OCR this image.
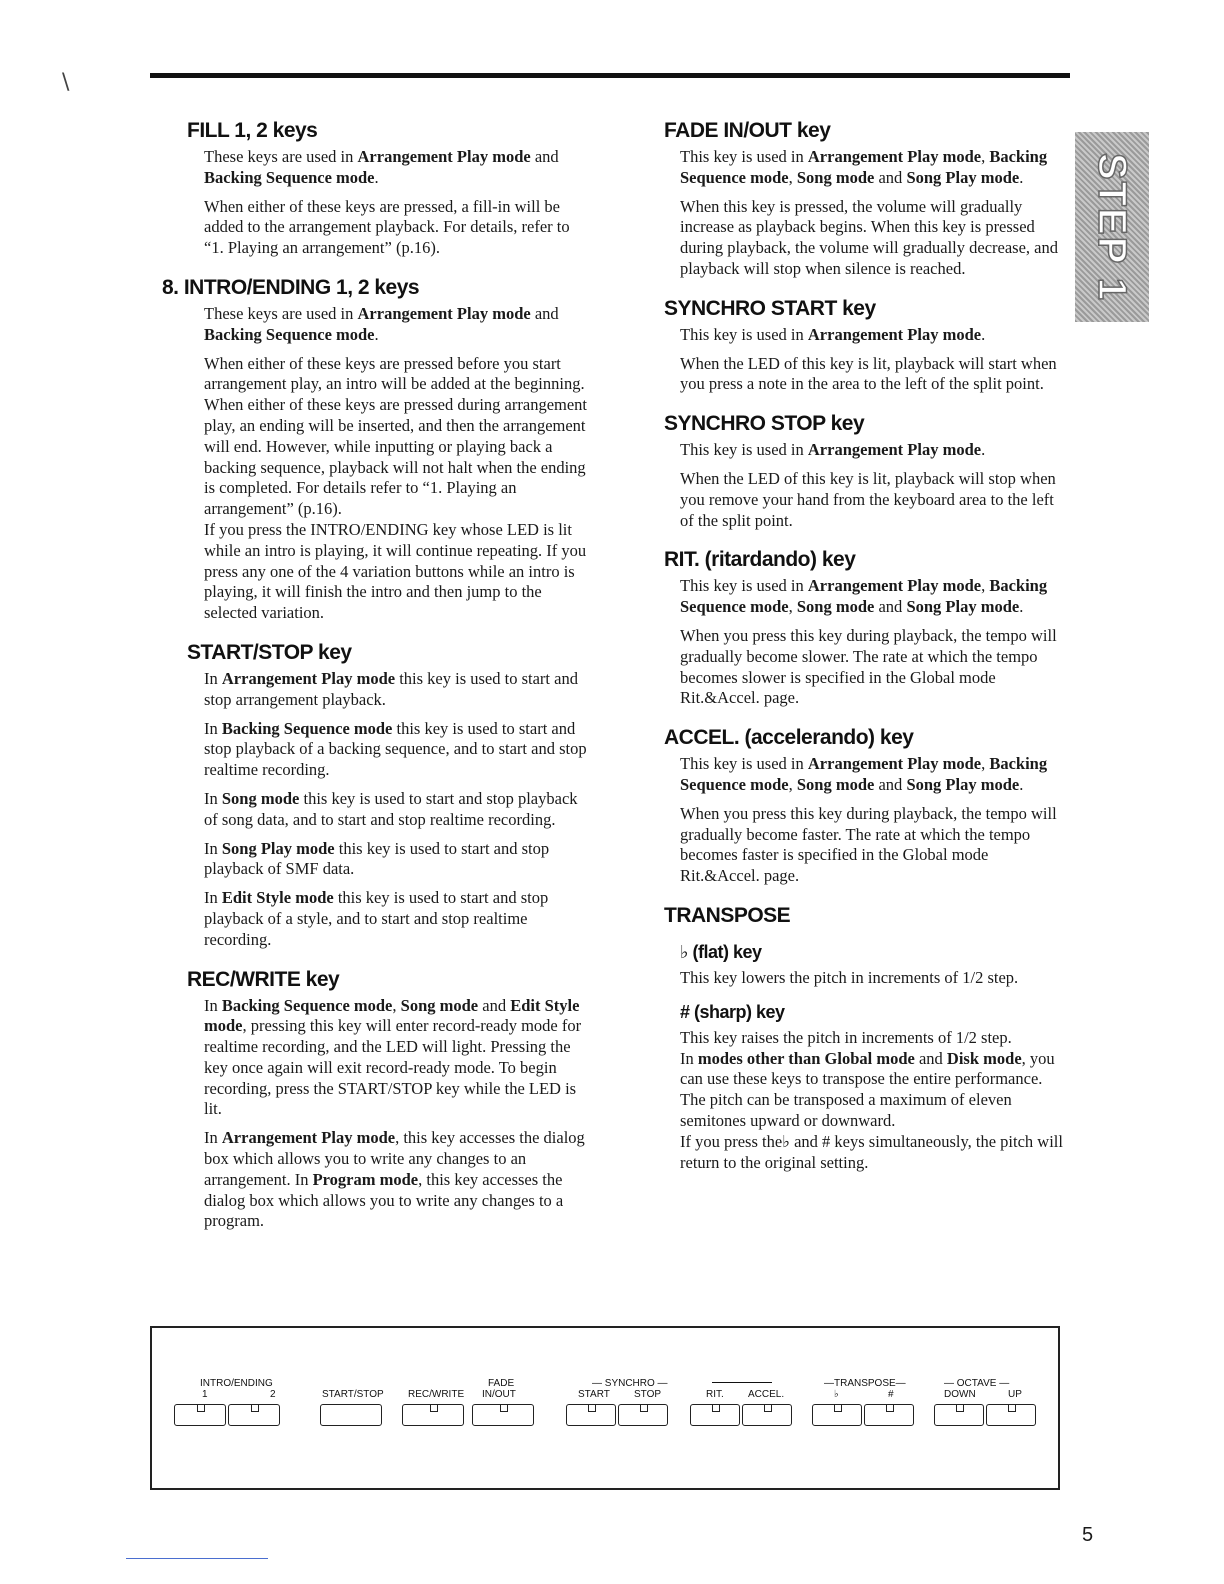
\
FILL 1, 2 keys

These keys are used in Arrangement Play mode and Backing Sequence mode.

When either of these keys are pressed, a fill-in will be added to the arrangement playback. For details, refer to “1. Playing an arrangement” (p.16).

8. INTRO/ENDING 1, 2 keys

These keys are used in Arrangement Play mode and Backing Sequence mode.

When either of these keys are pressed before you start arrangement play, an intro will be added at the beginning. When either of these keys are pressed during arrangement play, an ending will be inserted, and then the arrangement will end. However, while inputting or playing back a backing sequence, playback will not halt when the ending is completed. For details refer to “1. Playing an arrangement” (p.16).

If you press the INTRO/ENDING key whose LED is lit while an intro is playing, it will continue repeating. If you press any one of the 4 variation buttons while an intro is playing, it will finish the intro and then jump to the selected variation.

START/STOP key

In Arrangement Play mode this key is used to start and stop arrangement playback.

In Backing Sequence mode this key is used to start and stop playback of a backing sequence, and to start and stop realtime recording.

In Song mode this key is used to start and stop playback of song data, and to start and stop realtime recording.

In Song Play mode this key is used to start and stop playback of SMF data.

In Edit Style mode this key is used to start and stop playback of a style, and to start and stop realtime recording.

REC/WRITE key

In Backing Sequence mode, Song mode and Edit Style mode, pressing this key will enter record-ready mode for realtime recording, and the LED will light. Pressing the key once again will exit record-ready mode. To begin recording, press the START/STOP key while the LED is lit.

In Arrangement Play mode, this key accesses the dialog box which allows you to write any changes to an arrangement. In Program mode, this key accesses the dialog box which allows you to write any changes to a program.

FADE IN/OUT key

This key is used in Arrangement Play mode, Backing Sequence mode, Song mode and Song Play mode.

When this key is pressed, the volume will gradually increase as playback begins. When this key is pressed during playback, the volume will gradually decrease, and playback will stop when silence is reached.

SYNCHRO START key

This key is used in Arrangement Play mode.

When the LED of this key is lit, playback will start when you press a note in the area to the left of the split point.

SYNCHRO STOP key

This key is used in Arrangement Play mode.

When the LED of this key is lit, playback will stop when you remove your hand from the keyboard area to the left of the split point.

RIT. (ritardando) key

This key is used in Arrangement Play mode, Backing Sequence mode, Song mode and Song Play mode.

When you press this key during playback, the tempo will gradually become slower. The rate at which the tempo becomes slower is specified in the Global mode Rit.&Accel. page.

ACCEL. (accelerando) key

This key is used in Arrangement Play mode, Backing Sequence mode, Song mode and Song Play mode.

When you press this key during playback, the tempo will gradually become faster. The rate at which the tempo becomes faster is specified in the Global mode Rit.&Accel. page.

TRANSPOSE
♭ (flat) key

This key lowers the pitch in increments of 1/2 step.

# (sharp) key

This key raises the pitch in increments of 1/2 step.

In modes other than Global mode and Disk mode, you can use these keys to transpose the entire performance. The pitch can be transposed a maximum of eleven semitones upward or downward.

If you press the♭ and # keys simultaneously, the pitch will return to the original setting.

STEP 1
INTRO/ENDING
1	2	START/STOP REC/WRITE
FADE
IN/OUT
— SYNCHRO —
START STOP	RIT. ACCEL.
—TRANSPOSE—
♭	#
— OCTAVE —
DOWN	UP
5
